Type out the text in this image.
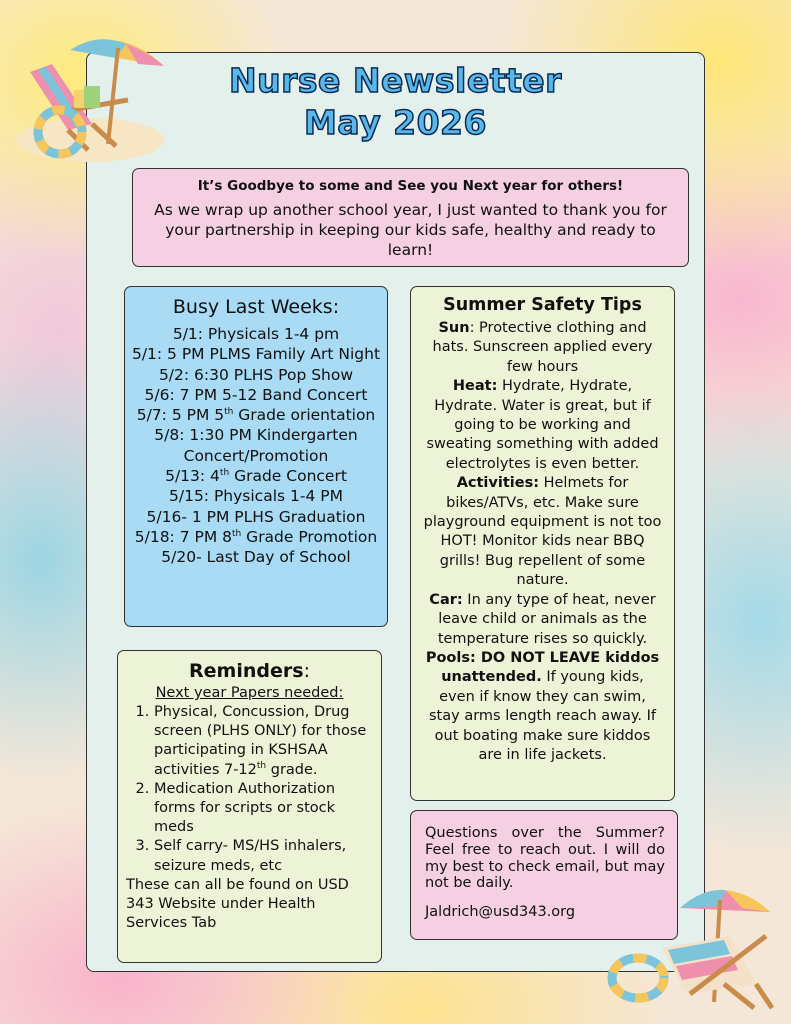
Nurse Newsletter
May 2026
It’s Goodbye to some and See you Next year for others!
As we wrap up another school year, I just wanted to thank you for your partnership in keeping our kids safe, healthy and ready to learn!
Busy Last Weeks:
5/1: Physicals 1-4 pm
5/1: 5 PM PLMS Family Art Night
5/2: 6:30 PLHS Pop Show
5/6: 7 PM 5-12 Band Concert
5/7: 5 PM 5th Grade orientation
5/8: 1:30 PM Kindergarten Concert/Promotion
5/13: 4th Grade Concert
5/15: Physicals 1-4 PM
5/16- 1 PM PLHS Graduation
5/18: 7 PM 8th Grade Promotion
5/20- Last Day of School
Summer Safety Tips
Sun: Protective clothing and hats. Sunscreen applied every few hours
Heat: Hydrate, Hydrate, Hydrate. Water is great, but if going to be working and sweating something with added electrolytes is even better.
Activities: Helmets for bikes/ATVs, etc. Make sure playground equipment is not too HOT! Monitor kids near BBQ grills! Bug repellent of some nature.
Car: In any type of heat, never leave child or animals as the temperature rises so quickly.
Pools: DO NOT LEAVE kiddos unattended. If young kids, even if know they can swim, stay arms length reach away. If out boating make sure kiddos are in life jackets.
Reminders:
Next year Papers needed:
1. Physical, Concussion, Drug screen (PLHS ONLY) for those participating in KSHSAA activities 7-12th grade.
2. Medication Authorization forms for scripts or stock meds
3. Self carry- MS/HS inhalers, seizure meds, etc
These can all be found on USD 343 Website under Health Services Tab
Questions over the Summer? Feel free to reach out. I will do my best to check email, but may not be daily.
Jaldrich@usd343.org
